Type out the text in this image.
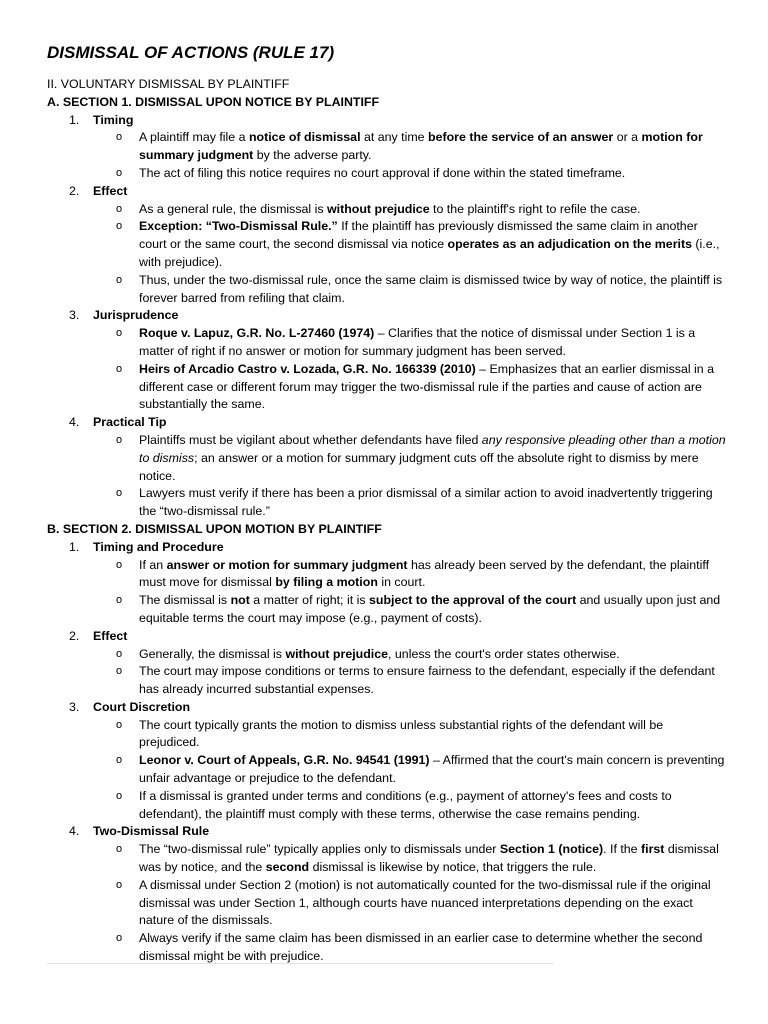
DISMISSAL OF ACTIONS (RULE 17)

II. VOLUNTARY DISMISSAL BY PLAINTIFF

A. SECTION 1. DISMISSAL UPON NOTICE BY PLAINTIFF

1. Timing
o A plaintiff may file a notice of dismissal at any time before the service of an answer or a motion for summary judgment by the adverse party.
o The act of filing this notice requires no court approval if done within the stated timeframe.
2. Effect
o As a general rule, the dismissal is without prejudice to the plaintiff's right to refile the case.
o Exception: “Two-Dismissal Rule.” If the plaintiff has previously dismissed the same claim in another court or the same court, the second dismissal via notice operates as an adjudication on the merits (i.e., with prejudice).
o Thus, under the two-dismissal rule, once the same claim is dismissed twice by way of notice, the plaintiff is forever barred from refiling that claim.
3. Jurisprudence
o Roque v. Lapuz, G.R. No. L-27460 (1974) – Clarifies that the notice of dismissal under Section 1 is a matter of right if no answer or motion for summary judgment has been served.
o Heirs of Arcadio Castro v. Lozada, G.R. No. 166339 (2010) – Emphasizes that an earlier dismissal in a different case or different forum may trigger the two-dismissal rule if the parties and cause of action are substantially the same.
4. Practical Tip
o Plaintiffs must be vigilant about whether defendants have filed any responsive pleading other than a motion to dismiss; an answer or a motion for summary judgment cuts off the absolute right to dismiss by mere notice.
o Lawyers must verify if there has been a prior dismissal of a similar action to avoid inadvertently triggering the “two-dismissal rule.”

B. SECTION 2. DISMISSAL UPON MOTION BY PLAINTIFF

1. Timing and Procedure
o If an answer or motion for summary judgment has already been served by the defendant, the plaintiff must move for dismissal by filing a motion in court.
o The dismissal is not a matter of right; it is subject to the approval of the court and usually upon just and equitable terms the court may impose (e.g., payment of costs).
2. Effect
o Generally, the dismissal is without prejudice, unless the court's order states otherwise.
o The court may impose conditions or terms to ensure fairness to the defendant, especially if the defendant has already incurred substantial expenses.
3. Court Discretion
o The court typically grants the motion to dismiss unless substantial rights of the defendant will be prejudiced.
o Leonor v. Court of Appeals, G.R. No. 94541 (1991) – Affirmed that the court's main concern is preventing unfair advantage or prejudice to the defendant.
o If a dismissal is granted under terms and conditions (e.g., payment of attorney's fees and costs to defendant), the plaintiff must comply with these terms, otherwise the case remains pending.
4. Two-Dismissal Rule
o The “two-dismissal rule” typically applies only to dismissals under Section 1 (notice). If the first dismissal was by notice, and the second dismissal is likewise by notice, that triggers the rule.
o A dismissal under Section 2 (motion) is not automatically counted for the two-dismissal rule if the original dismissal was under Section 1, although courts have nuanced interpretations depending on the exact nature of the dismissals.
o Always verify if the same claim has been dismissed in an earlier case to determine whether the second dismissal might be with prejudice.
